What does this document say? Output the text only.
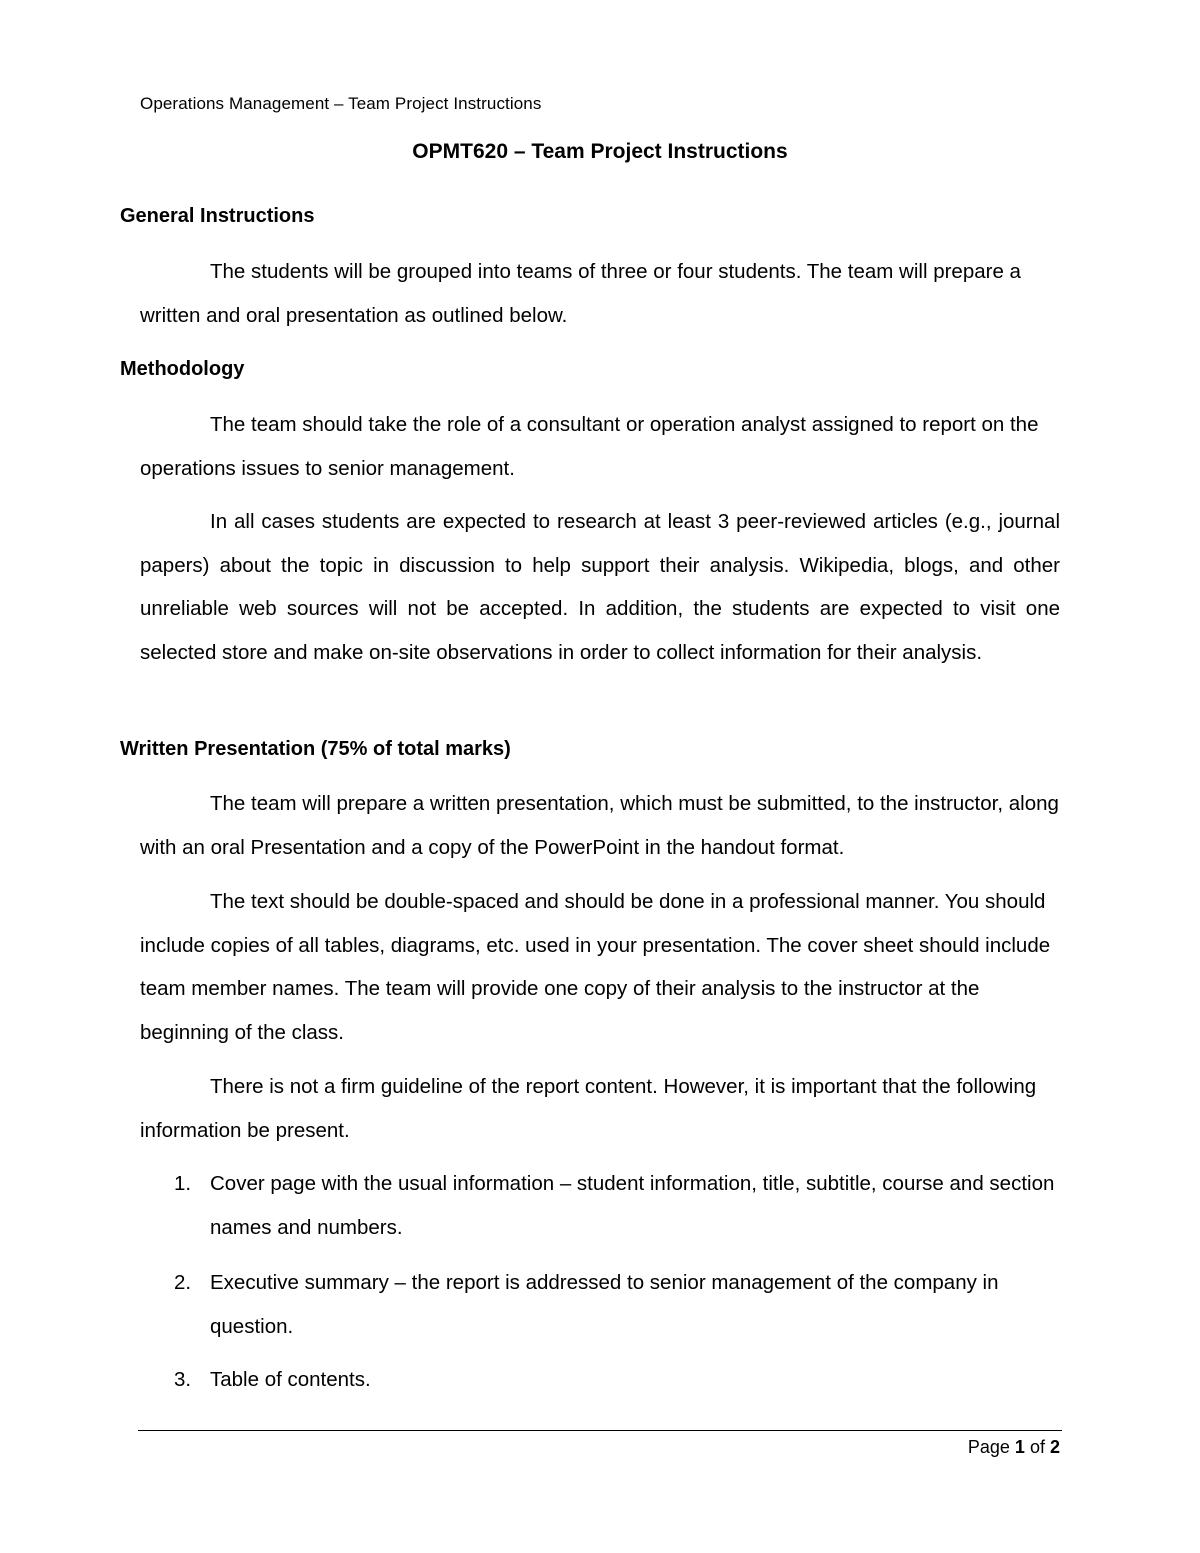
Operations Management – Team Project Instructions
OPMT620 – Team Project Instructions
General Instructions

The students will be grouped into teams of three or four students. The team will prepare a written and oral presentation as outlined below.

Methodology

The team should take the role of a consultant or operation analyst assigned to report on the operations issues to senior management.

In all cases students are expected to research at least 3 peer-reviewed articles (e.g., journal papers) about the topic in discussion to help support their analysis. Wikipedia, blogs, and other unreliable web sources will not be accepted. In addition, the students are expected to visit one selected store and make on-site observations in order to collect information for their analysis.

Written Presentation (75% of total marks)

The team will prepare a written presentation, which must be submitted, to the instructor, along with an oral Presentation and a copy of the PowerPoint in the handout format.

The text should be double-spaced and should be done in a professional manner. You should include copies of all tables, diagrams, etc. used in your presentation. The cover sheet should include team member names. The team will provide one copy of their analysis to the instructor at the beginning of the class.

There is not a firm guideline of the report content. However, it is important that the following information be present.

1. Cover page with the usual information – student information, title, subtitle, course and section names and numbers.
2. Executive summary – the report is addressed to senior management of the company in question.
3. Table of contents.
Page 1 of 2
